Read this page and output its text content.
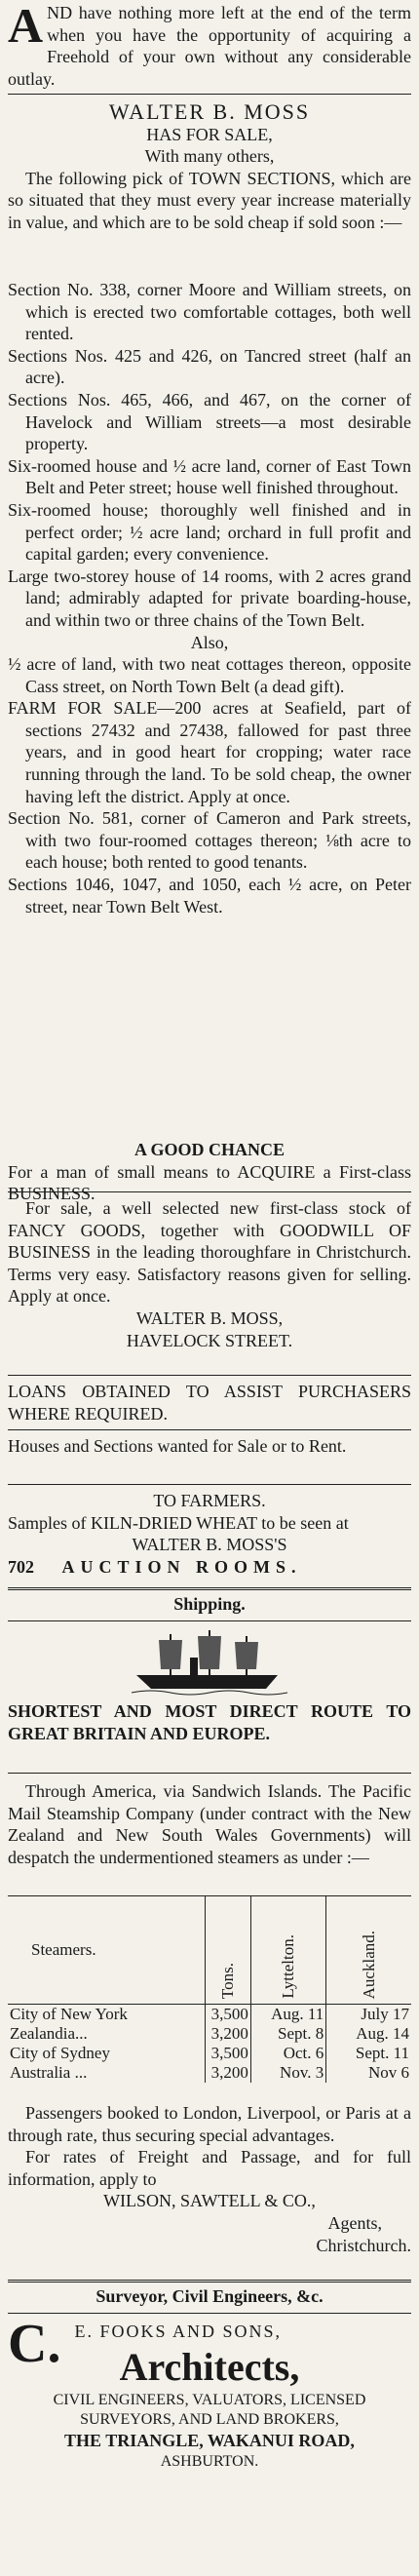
A ND have nothing more left at the end of the term when you have the opportunity of acquiring a Freehold of your own without any considerable outlay.

WALTER B. MOSS

HAS FOR SALE,

With many others,

The following pick of TOWN SECTIONS, which are so situated that they must every year increase materially in value, and which are to be sold cheap if sold soon :—

Section No. 338, corner Moore and William streets, on which is erected two comfortable cottages, both well rented.

Sections Nos. 425 and 426, on Tancred street (half an acre).

Sections Nos. 465, 466, and 467, on the corner of Havelock and William streets—a most desirable property.

Six-roomed house and ½ acre land, corner of East Town Belt and Peter street; house well finished throughout.

Six-roomed house; thoroughly well finished and in perfect order; ½ acre land; orchard in full profit and capital garden; every convenience.

Large two-storey house of 14 rooms, with 2 acres grand land; admirably adapted for private boarding-house, and within two or three chains of the Town Belt.

Also,

½ acre of land, with two neat cottages thereon, opposite Cass street, on North Town Belt (a dead gift).

FARM FOR SALE—200 acres at Seafield, part of sections 27432 and 27438, fallowed for past three years, and in good heart for cropping; water race running through the land. To be sold cheap, the owner having left the district. Apply at once.

Section No. 581, corner of Cameron and Park streets, with two four-roomed cottages thereon; ⅛th acre to each house; both rented to good tenants.

Sections 1046, 1047, and 1050, each ½ acre, on Peter street, near Town Belt West.

A GOOD CHANCE

For a man of small means to ACQUIRE a First-class BUSINESS.

For sale, a well selected new first-class stock of FANCY GOODS, together with GOODWILL OF BUSINESS in the leading thoroughfare in Christchurch. Terms very easy. Satisfactory reasons given for selling. Apply at once.

WALTER B. MOSS,

HAVELOCK STREET.

LOANS OBTAINED TO ASSIST PURCHASERS WHERE REQUIRED.

Houses and Sections wanted for Sale or to Rent.

TO FARMERS.

Samples of KILN-DRIED WHEAT to be seen at

WALTER B. MOSS'S

702 AUCTION ROOMS.

Shipping.

SHORTEST AND MOST DIRECT ROUTE TO GREAT BRITAIN AND EUROPE.

Through America, via Sandwich Islands. The Pacific Mail Steamship Company (under contract with the New Zealand and New South Wales Governments) will despatch the undermentioned steamers as under :—

Steamers.	Tons.	Lyttelton.	Auckland.
City of New York	3,500	Aug. 11	July 17
Zealandia...	3,200	Sept. 8	Aug. 14
City of Sydney	3,500	Oct. 6	Sept. 11
Australia ...	3,200	Nov. 3	Nov 6

Passengers booked to London, Liverpool, or Paris at a through rate, thus securing special advantages.

For rates of Freight and Passage, and for full information, apply to

WILSON, SAWTELL & CO.,

Agents,

Christchurch.

Surveyor, Civil Engineers, &c.

C. E. FOOKS AND SONS,

Architects,

CIVIL ENGINEERS, VALUATORS, LICENSED

SURVEYORS, AND LAND BROKERS,

THE TRIANGLE, WAKANUI ROAD,

ASHBURTON.
